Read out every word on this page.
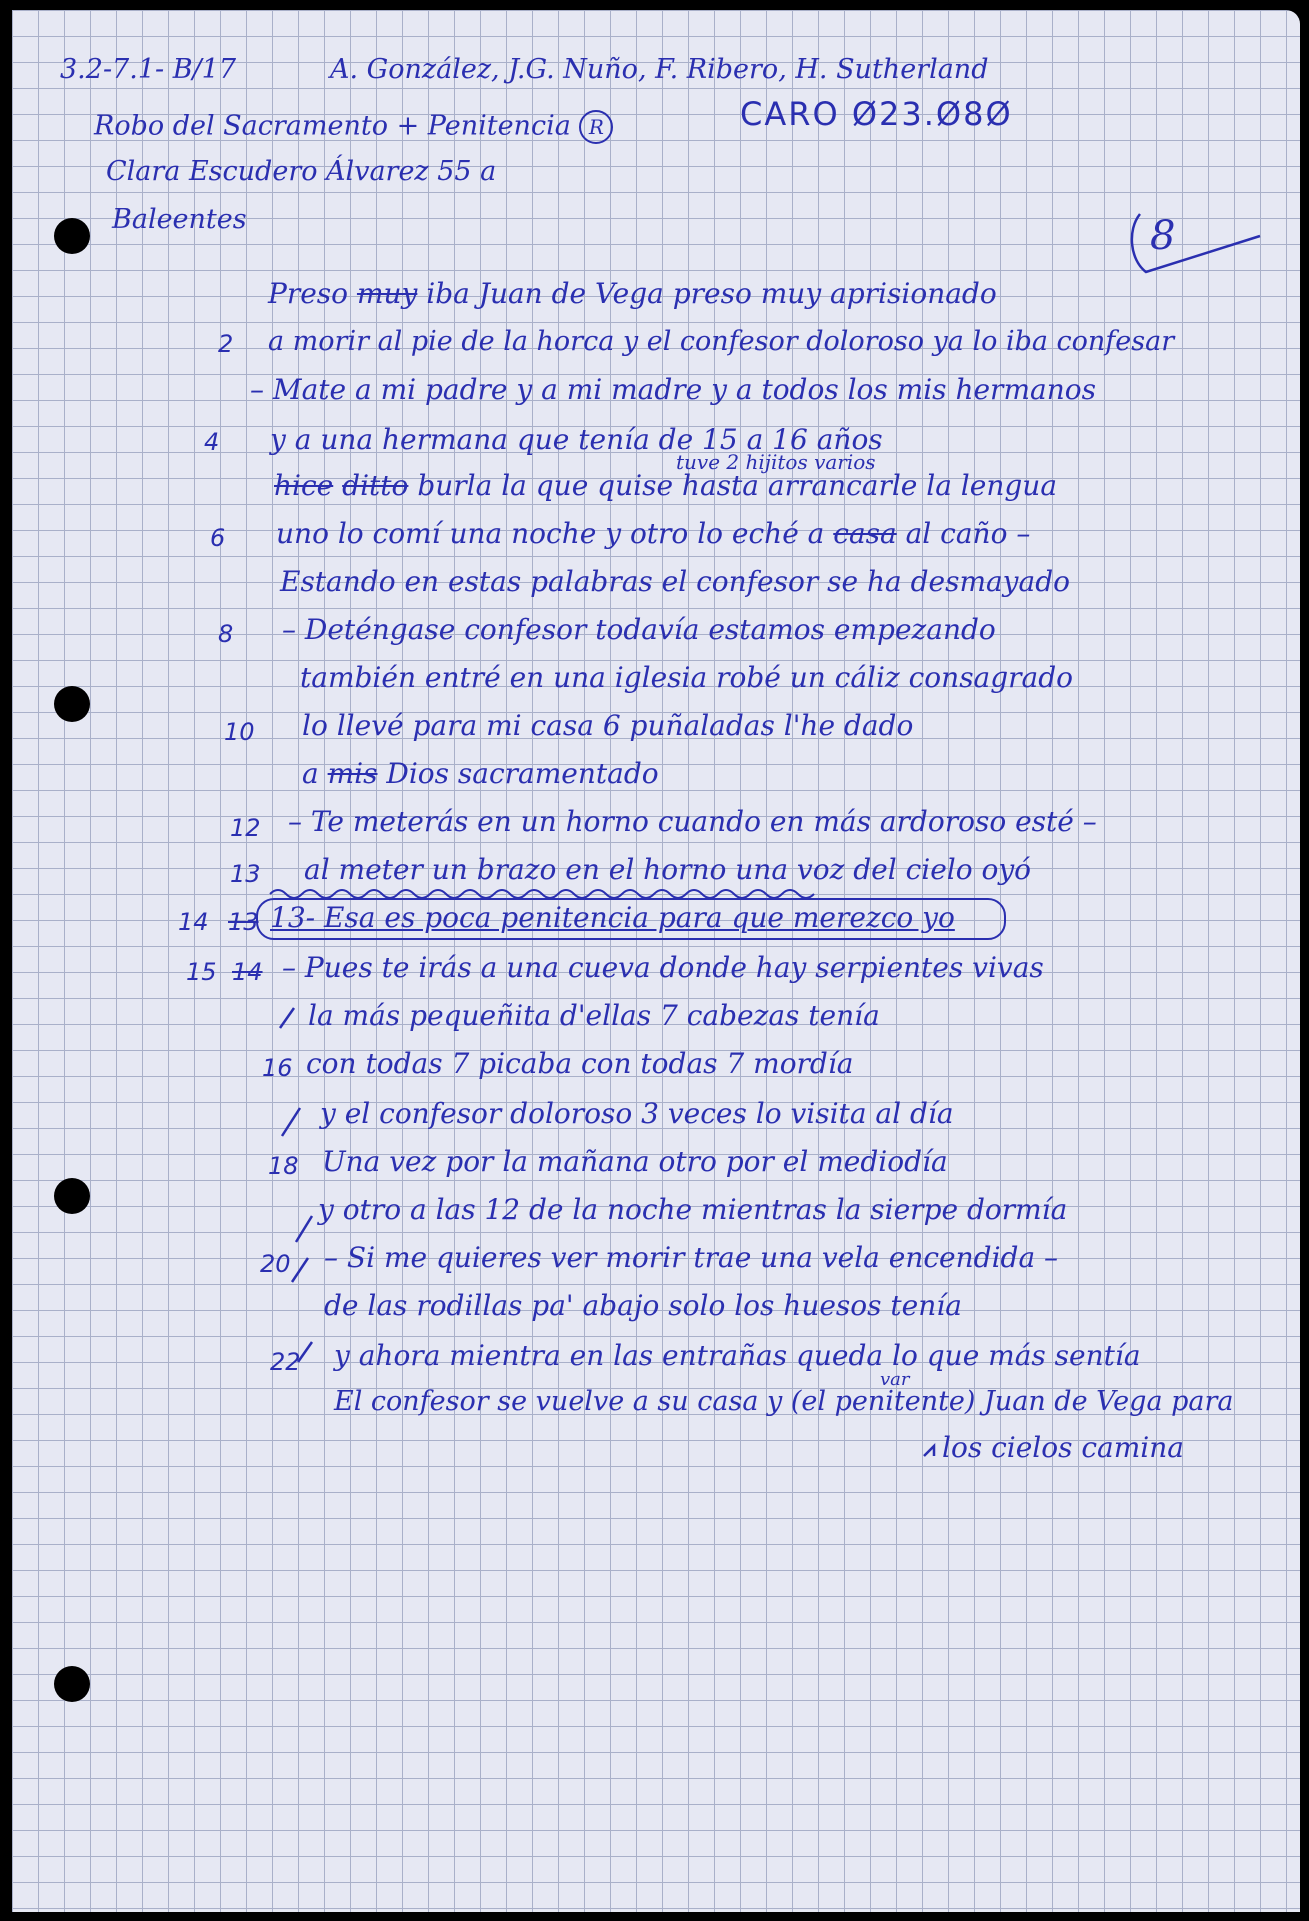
3.2-7.1- B/17	A. González, J.G. Nuño, F. Ribero, H. Sutherland
CARO Ø23.Ø8Ø
Robo del Sacramento + Penitencia R
Clara Escudero Álvarez 55 a
Baleentes	8
Preso muy iba Juan de Vega preso muy aprisionado
2 a morir al pie de la horca y el confesor doloroso ya lo iba confesar
– Mate a mi padre y a mi madre y a todos los mis hermanos
4 y a una hermana que tenía de 15 a 16 años
tuve 2 hijitos varios
hice ditto burla la que quise hasta arrancarle la lengua
6 uno lo comí una noche y otro lo eché a casa al caño –
Estando en estas palabras el confesor se ha desmayado
8 – Deténgase confesor todavía estamos empezando
también entré en una iglesia robé un cáliz consagrado
10 lo llevé para mi casa 6 puñaladas l'he dado
a mis Dios sacramentado
12 – Te meterás en un horno cuando en más ardoroso esté –
13 al meter un brazo en el horno una voz del cielo oyó
14 13 13- Esa es poca penitencia para que merezco yo
15 14 – Pues te irás a una cueva donde hay serpientes vivas
la más pequeñita d'ellas 7 cabezas tenía
16 con todas 7 picaba con todas 7 mordía
y el confesor doloroso 3 veces lo visita al día
18 Una vez por la mañana otro por el mediodía
y otro a las 12 de la noche mientras la sierpe dormía
20 – Si me quieres ver morir trae una vela encendida –
de las rodillas pa' abajo solo los huesos tenía
22 y ahora mientra en las entrañas queda lo que más sentía
var
El confesor se vuelve a su casa y (el penitente) Juan de Vega para
los cielos camina
